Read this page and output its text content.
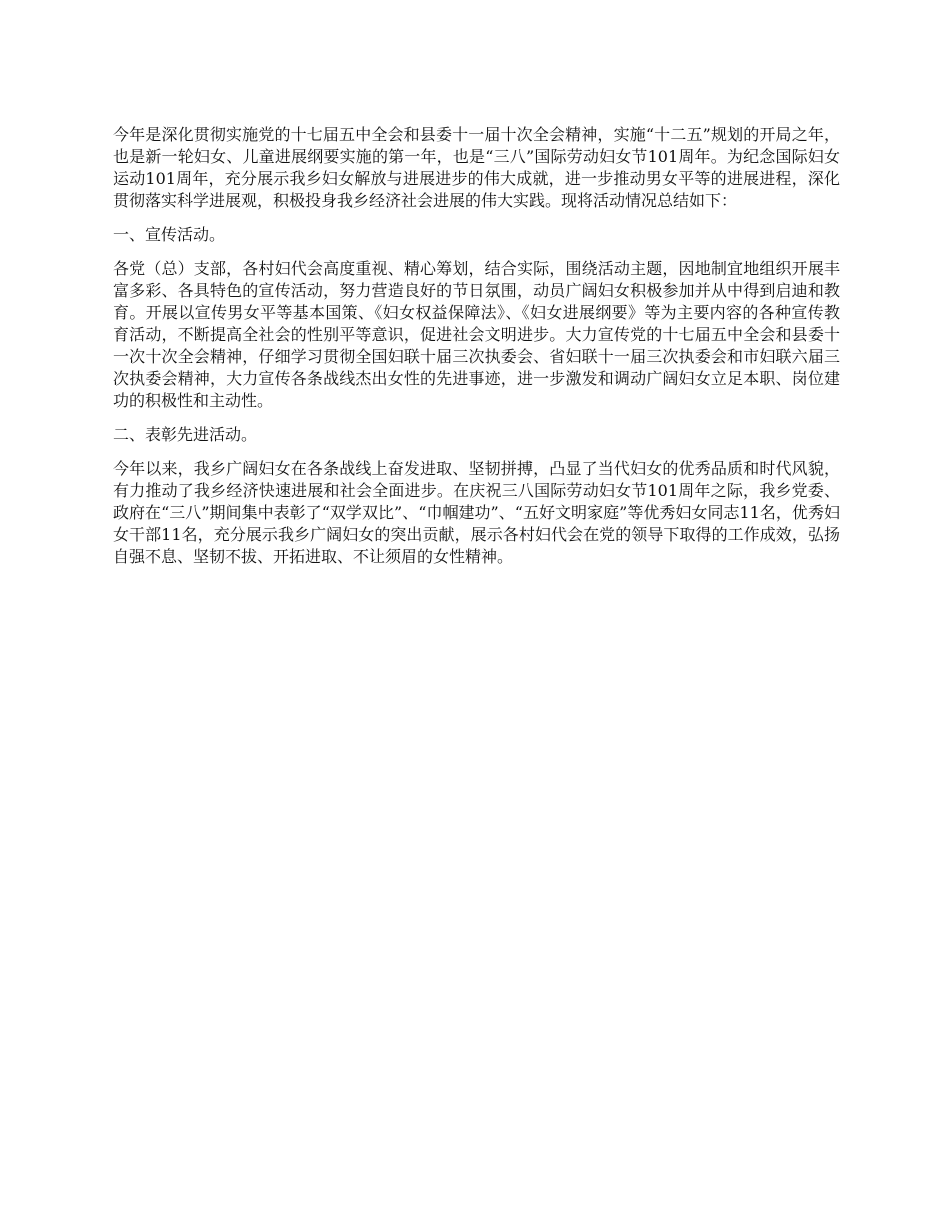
今年是深化贯彻实施党的十七届五中全会和县委十一届十次全会精神，实施“十二五”规划的开局之年，也是新一轮妇女、儿童进展纲要实施的第一年，也是“三八”国际劳动妇女节101周年。为纪念国际妇女运动101周年，充分展示我乡妇女解放与进展进步的伟大成就，进一步推动男女平等的进展进程，深化贯彻落实科学进展观，积极投身我乡经济社会进展的伟大实践。现将活动情况总结如下：

一、宣传活动。

各党（总）支部，各村妇代会高度重视、精心筹划，结合实际，围绕活动主题，因地制宜地组织开展丰富多彩、各具特色的宣传活动，努力营造良好的节日氛围，动员广阔妇女积极参加并从中得到启迪和教育。开展以宣传男女平等基本国策、《妇女权益保障法》、《妇女进展纲要》等为主要内容的各种宣传教育活动，不断提高全社会的性别平等意识，促进社会文明进步。大力宣传党的十七届五中全会和县委十一次十次全会精神，仔细学习贯彻全国妇联十届三次执委会、省妇联十一届三次执委会和市妇联六届三次执委会精神，大力宣传各条战线杰出女性的先进事迹，进一步激发和调动广阔妇女立足本职、岗位建功的积极性和主动性。

二、表彰先进活动。

今年以来，我乡广阔妇女在各条战线上奋发进取、坚韧拼搏，凸显了当代妇女的优秀品质和时代风貌，有力推动了我乡经济快速进展和社会全面进步。在庆祝三八国际劳动妇女节101周年之际，我乡党委、政府在“三八”期间集中表彰了“双学双比”、“巾帼建功”、“五好文明家庭”等优秀妇女同志11名，优秀妇女干部11名，充分展示我乡广阔妇女的突出贡献，展示各村妇代会在党的领导下取得的工作成效，弘扬自强不息、坚韧不拔、开拓进取、不让须眉的女性精神。
